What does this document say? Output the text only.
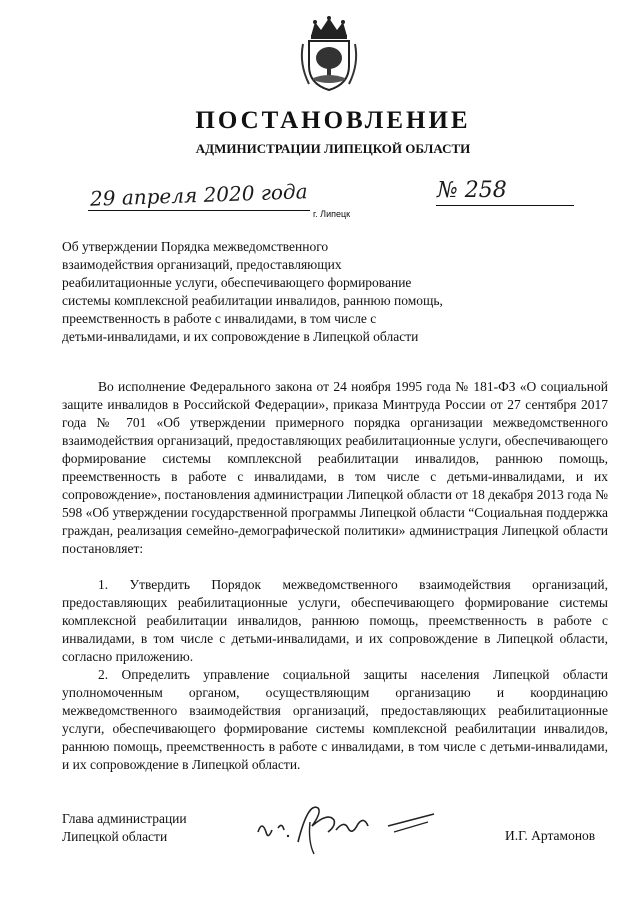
ПОСТАНОВЛЕНИЕ
АДМИНИСТРАЦИИ ЛИПЕЦКОЙ ОБЛАСТИ
29 апреля 2020 года
г. Липецк
№ 258
Об утверждении Порядка межведомственного
взаимодействия организаций, предоставляющих
реабилитационные услуги, обеспечивающего формирование
системы комплексной реабилитации инвалидов, раннюю помощь,
преемственность в работе с инвалидами, в том числе с
детьми-инвалидами, и их сопровождение в Липецкой области

Во исполнение Федерального закона от 24 ноября 1995 года № 181-ФЗ «О социальной защите инвалидов в Российской Федерации», приказа Минтруда России от 27 сентября 2017 года № 701 «Об утверждении примерного порядка организации межведомственного взаимодействия организаций, предоставляющих реабилитационные услуги, обеспечивающего формирование системы комплексной реабилитации инвалидов, раннюю помощь, преемственность в работе с инвалидами, в том числе с детьми-инвалидами, и их сопровождение», постановления администрации Липецкой области от 18 декабря 2013 года № 598 «Об утверждении государственной программы Липецкой области “Социальная поддержка граждан, реализация семейно-демографической политики» администрация Липецкой области постановляет:

1. Утвердить Порядок межведомственного взаимодействия организаций, предоставляющих реабилитационные услуги, обеспечивающего формирование системы комплексной реабилитации инвалидов, раннюю помощь, преемственность в работе с инвалидами, в том числе с детьми-инвалидами, и их сопровождение в Липецкой области, согласно приложению.

2. Определить управление социальной защиты населения Липецкой области уполномоченным органом, осуществляющим организацию и координацию межведомственного взаимодействия организаций, предоставляющих реабилитационные услуги, обеспечивающего формирование системы комплексной реабилитации инвалидов, раннюю помощь, преемственность в работе с инвалидами, в том числе с детьми-инвалидами, и их сопровождение в Липецкой области.

Глава администрации
Липецкой области	И.Г. Артамонов
